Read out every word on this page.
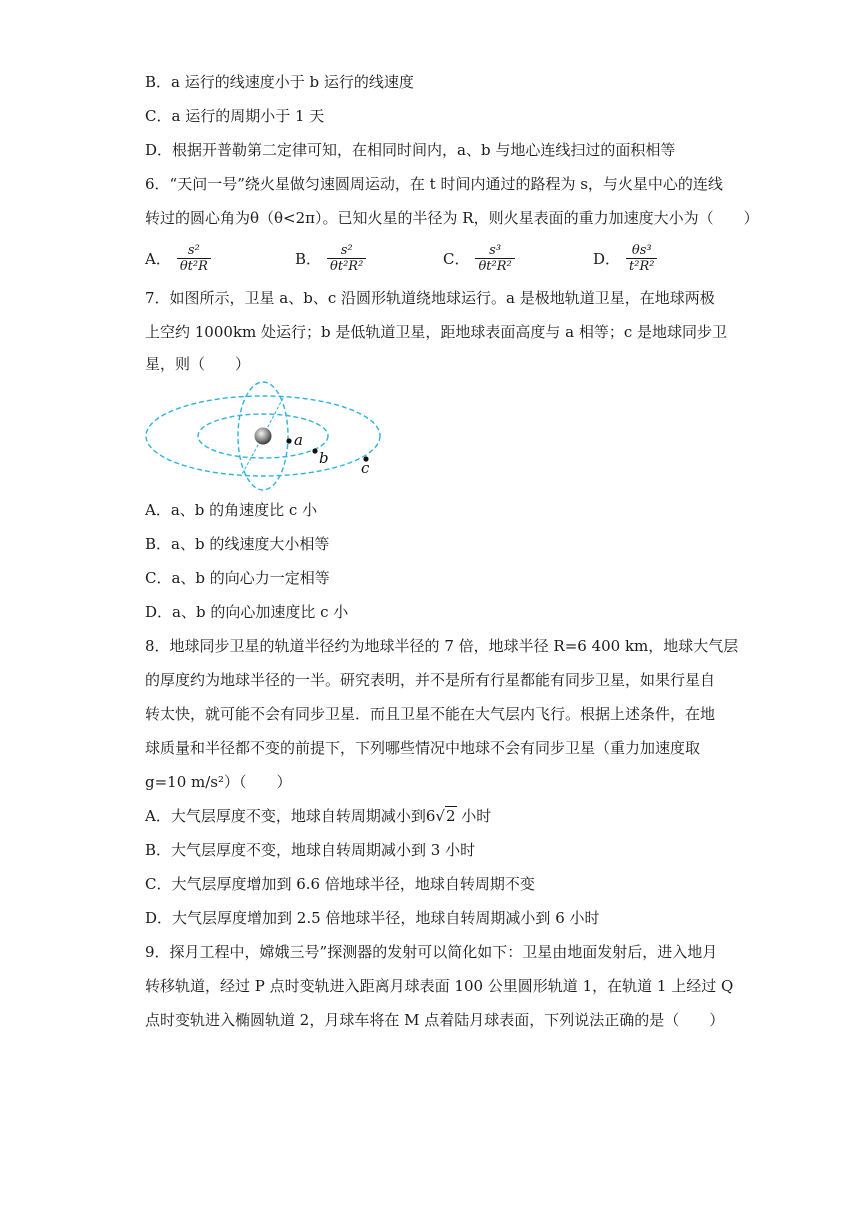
B．a 运行的线速度小于 b 运行的线速度
C．a 运行的周期小于 1 天
D．根据开普勒第二定律可知，在相同时间内，a、b 与地心连线扫过的面积相等
6．“天问一号”绕火星做匀速圆周运动，在 t 时间内通过的路程为 s，与火星中心的连线
转过的圆心角为θ（θ<2π）。已知火星的半径为 R，则火星表面的重力加速度大小为（　　）
A． $\frac{\text{s²}}{\text{θt²R}}$	B． $\frac{\text{s²}}{\text{θt²R²}}$	C． $\frac{\text{s³}}{\text{θt²R²}}$	D． $\frac{\text{θs³}}{\text{t²R²}}$
7．如图所示，卫星 a、b、c 沿圆形轨道绕地球运行。a 是极地轨道卫星，在地球两极
上空约 1000km 处运行；b 是低轨道卫星，距地球表面高度与 a 相等；c 是地球同步卫
星，则（　　）
a
b
c
A．a、b 的角速度比 c 小
B．a、b 的线速度大小相等
C．a、b 的向心力一定相等
D．a、b 的向心加速度比 c 小
8．地球同步卫星的轨道半径约为地球半径的 7 倍，地球半径 R=6 400 km，地球大气层
的厚度约为地球半径的一半。研究表明，并不是所有行星都能有同步卫星，如果行星自
转太快，就可能不会有同步卫星．而且卫星不能在大气层内飞行。根据上述条件，在地
球质量和半径都不变的前提下，下列哪些情况中地球不会有同步卫星（重力加速度取
g=10 m/s²）（　　）
A．大气层厚度不变，地球自转周期减小到6√2 小时
B．大气层厚度不变，地球自转周期减小到 3 小时
C．大气层厚度增加到 6.6 倍地球半径，地球自转周期不变
D．大气层厚度增加到 2.5 倍地球半径，地球自转周期减小到 6 小时
9．探月工程中，嫦娥三号”探测器的发射可以简化如下：卫星由地面发射后，进入地月
转移轨道，经过 P 点时变轨进入距离月球表面 100 公里圆形轨道 1，在轨道 1 上经过 Q
点时变轨进入椭圆轨道 2，月球车将在 M 点着陆月球表面，下列说法正确的是（　　）
